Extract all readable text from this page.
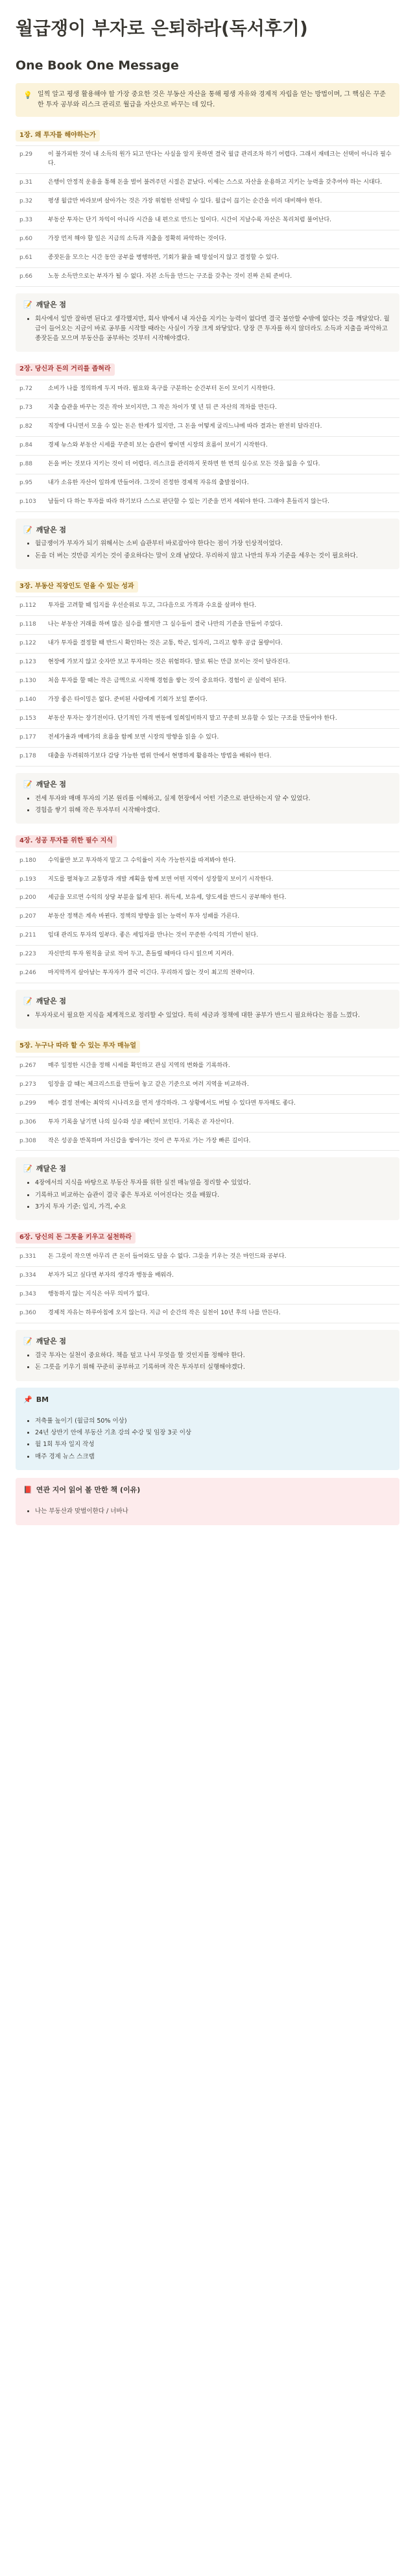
월급쟁이 부자로 은퇴하라(독서후기)
One Book One Message
💡 일찍 알고 평생 활용해야 할 가장 중요한 것은 부동산 자산을 통해 평생 자유와 경제적 자립을 얻는 방법이며, 그 핵심은 꾸준한 투자 공부와 리스크 관리로 월급을 자산으로 바꾸는 데 있다.
1장. 왜 투자를 해야하는가
p.29	이 불가피한 것이 내 소득의 원가 되고 만다는 사실을 알지 못하면 결국 월급 관리조차 하기 어렵다. 그래서 재테크는 선택이 아니라 필수다.
p.31	은행이 안정적 운용을 통해 돈을 벌어 불려주던 시절은 끝났다. 이제는 스스로 자산을 운용하고 지키는 능력을 갖추어야 하는 시대다.
p.32	평생 월급만 바라보며 살아가는 것은 가장 위험한 선택일 수 있다. 월급이 끊기는 순간을 미리 대비해야 한다.
p.33	부동산 투자는 단기 차익이 아니라 시간을 내 편으로 만드는 일이다. 시간이 지날수록 자산은 복리처럼 불어난다.
p.60	가장 먼저 해야 할 일은 지금의 소득과 지출을 정확히 파악하는 것이다.
p.61	종잣돈을 모으는 시간 동안 공부를 병행하면, 기회가 왔을 때 망설이지 않고 결정할 수 있다.
p.66	노동 소득만으로는 부자가 될 수 없다. 자본 소득을 만드는 구조를 갖추는 것이 진짜 은퇴 준비다.
📝 깨달은 점
• 회사에서 일만 잘하면 된다고 생각했지만, 회사 밖에서 내 자산을 지키는 능력이 없다면 결국 불안할 수밖에 없다는 것을 깨달았다. 월급이 들어오는 지금이 바로 공부를 시작할 때라는 사실이 가장 크게 와닿았다. 당장 큰 투자를 하지 않더라도 소득과 지출을 파악하고 종잣돈을 모으며 부동산을 공부하는 것부터 시작해야겠다.
2장. 당신과 돈의 거리를 좁혀라
p.72	소비가 나를 정의하게 두지 마라. 필요와 욕구를 구분하는 순간부터 돈이 모이기 시작한다.
p.73	지출 습관을 바꾸는 것은 작아 보이지만, 그 작은 차이가 몇 년 뒤 큰 자산의 격차를 만든다.
p.82	직장에 다니면서 모을 수 있는 돈은 한계가 있지만, 그 돈을 어떻게 굴리느냐에 따라 결과는 완전히 달라진다.
p.84	경제 뉴스와 부동산 시세를 꾸준히 보는 습관이 쌓이면 시장의 흐름이 보이기 시작한다.
p.88	돈을 버는 것보다 지키는 것이 더 어렵다. 리스크를 관리하지 못하면 한 번의 실수로 모든 것을 잃을 수 있다.
p.95	내가 소유한 자산이 일하게 만들어라. 그것이 진정한 경제적 자유의 출발점이다.
p.103	남들이 다 하는 투자를 따라 하기보다 스스로 판단할 수 있는 기준을 먼저 세워야 한다. 그래야 흔들리지 않는다.
📝 깨달은 점
• 월급쟁이가 부자가 되기 위해서는 소비 습관부터 바로잡아야 한다는 점이 가장 인상적이었다.
• 돈을 더 버는 것만큼 지키는 것이 중요하다는 말이 오래 남았다. 무리하지 않고 나만의 투자 기준을 세우는 것이 필요하다.
3장. 부동산 직장인도 얻을 수 있는 성과
p.112	투자를 고려할 때 입지를 우선순위로 두고, 그다음으로 가격과 수요를 살펴야 한다.
p.118	나는 부동산 거래를 하며 많은 실수를 했지만 그 실수들이 결국 나만의 기준을 만들어 주었다.
p.122	내가 투자를 결정할 때 반드시 확인하는 것은 교통, 학군, 일자리, 그리고 향후 공급 물량이다.
p.123	현장에 가보지 않고 숫자만 보고 투자하는 것은 위험하다. 발로 뛰는 만큼 보이는 것이 달라진다.
p.130	처음 투자를 할 때는 작은 금액으로 시작해 경험을 쌓는 것이 중요하다. 경험이 곧 실력이 된다.
p.140	가장 좋은 타이밍은 없다. 준비된 사람에게 기회가 보일 뿐이다.
p.153	부동산 투자는 장기전이다. 단기적인 가격 변동에 일희일비하지 말고 꾸준히 보유할 수 있는 구조를 만들어야 한다.
p.177	전세가율과 매매가의 흐름을 함께 보면 시장의 방향을 읽을 수 있다.
p.178	대출을 두려워하기보다 감당 가능한 범위 안에서 현명하게 활용하는 방법을 배워야 한다.
📝 깨달은 점
• 전세 투자와 매매 투자의 기본 원리를 이해하고, 실제 현장에서 어떤 기준으로 판단하는지 알 수 있었다.
• 경험을 쌓기 위해 작은 투자부터 시작해야겠다.
4장. 성공 투자를 위한 필수 지식
p.180	수익률만 보고 투자하지 말고 그 수익률이 지속 가능한지를 따져봐야 한다.
p.193	지도를 펼쳐놓고 교통망과 개발 계획을 함께 보면 어떤 지역이 성장할지 보이기 시작한다.
p.200	세금을 모르면 수익의 상당 부분을 잃게 된다. 취득세, 보유세, 양도세를 반드시 공부해야 한다.
p.207	부동산 정책은 계속 바뀐다. 정책의 방향을 읽는 능력이 투자 성패를 가른다.
p.211	임대 관리도 투자의 일부다. 좋은 세입자를 만나는 것이 꾸준한 수익의 기반이 된다.
p.223	자신만의 투자 원칙을 글로 적어 두고, 흔들릴 때마다 다시 읽으며 지켜라.
p.246	마지막까지 살아남는 투자자가 결국 이긴다. 무리하지 않는 것이 최고의 전략이다.
📝 깨달은 점
• 투자자로서 필요한 지식을 체계적으로 정리할 수 있었다. 특히 세금과 정책에 대한 공부가 반드시 필요하다는 점을 느꼈다.
5장. 누구나 따라 할 수 있는 투자 매뉴얼
p.267	매주 일정한 시간을 정해 시세를 확인하고 관심 지역의 변화를 기록하라.
p.273	임장을 갈 때는 체크리스트를 만들어 놓고 같은 기준으로 여러 지역을 비교하라.
p.299	매수 결정 전에는 최악의 시나리오를 먼저 생각하라. 그 상황에서도 버틸 수 있다면 투자해도 좋다.
p.306	투자 기록을 남기면 나의 실수와 성공 패턴이 보인다. 기록은 곧 자산이다.
p.308	작은 성공을 반복하며 자신감을 쌓아가는 것이 큰 투자로 가는 가장 빠른 길이다.
📝 깨달은 점
• 4장에서의 지식을 바탕으로 부동산 투자를 위한 실전 매뉴얼을 정리할 수 있었다.
• 기록하고 비교하는 습관이 결국 좋은 투자로 이어진다는 것을 배웠다.
• 3가지 투자 기준: 입지, 가격, 수요
6장. 당신의 돈 그릇을 키우고 실천하라
p.331	돈 그릇이 작으면 아무리 큰 돈이 들어와도 담을 수 없다. 그릇을 키우는 것은 마인드와 공부다.
p.334	부자가 되고 싶다면 부자의 생각과 행동을 배워라.
p.343	행동하지 않는 지식은 아무 의미가 없다.
p.360	경제적 자유는 하루아침에 오지 않는다. 지금 이 순간의 작은 실천이 10년 후의 나를 만든다.
📝 깨달은 점
• 결국 투자는 실천이 중요하다. 책을 덮고 나서 무엇을 할 것인지를 정해야 한다.
• 돈 그릇을 키우기 위해 꾸준히 공부하고 기록하며 작은 투자부터 실행해야겠다.
📌 BM
• 저축률 높이기 (월급의 50% 이상)
• 24년 상반기 안에 부동산 기초 강의 수강 및 임장 3곳 이상
• 월 1회 투자 일지 작성
• 매주 경제 뉴스 스크랩
📕 연관 지어 읽어 볼 만한 책 (이유)
• 나는 부동산과 맞벌이한다 / 너바나
